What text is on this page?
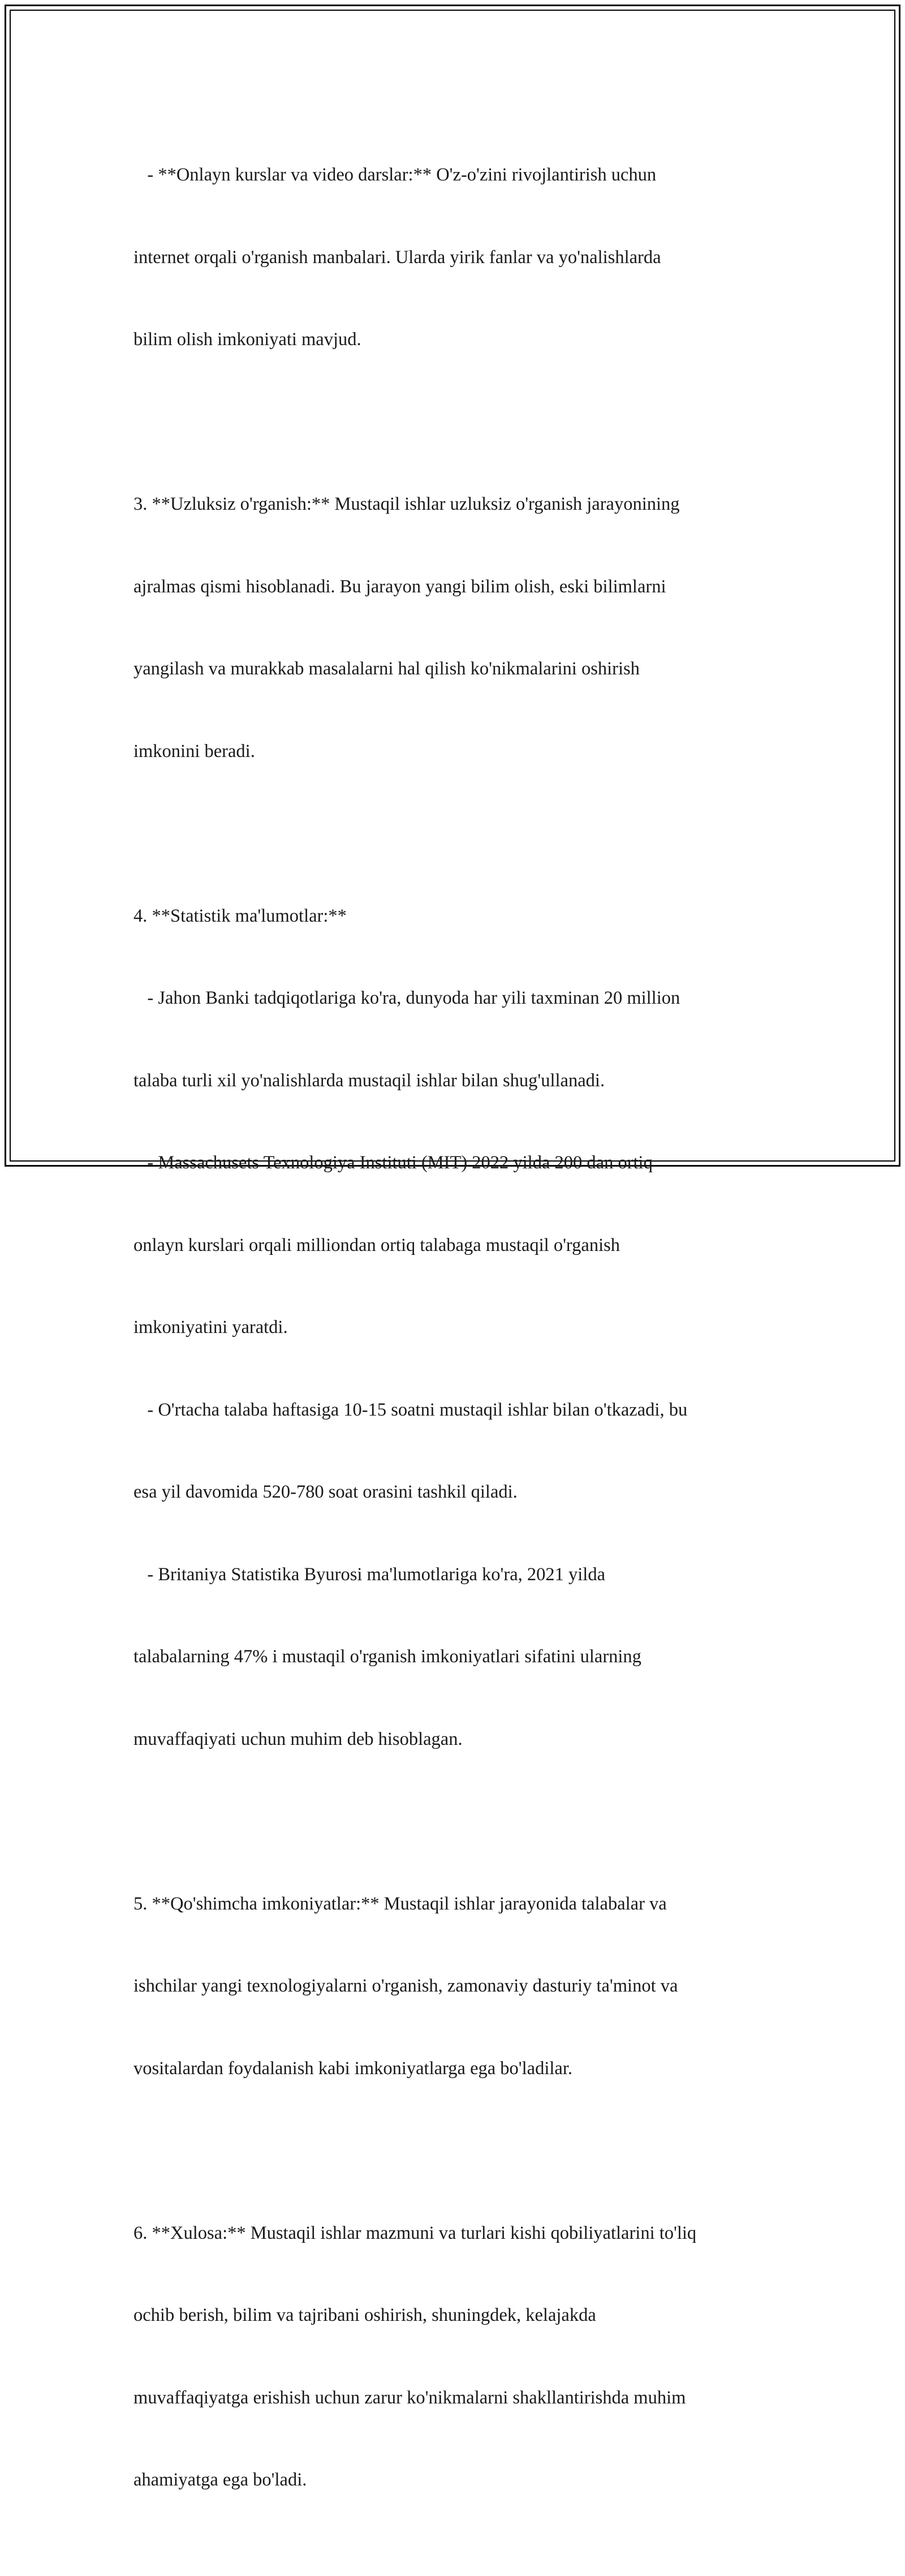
- **Onlayn kurslar va video darslar:** O'z-o'zini rivojlantirish uchun

internet orqali o'rganish manbalari. Ularda yirik fanlar va yo'nalishlarda

bilim olish imkoniyati mavjud.

3. **Uzluksiz o'rganish:** Mustaqil ishlar uzluksiz o'rganish jarayonining

ajralmas qismi hisoblanadi. Bu jarayon yangi bilim olish, eski bilimlarni

yangilash va murakkab masalalarni hal qilish ko'nikmalarini oshirish

imkonini beradi.

4. **Statistik ma'lumotlar:**

- Jahon Banki tadqiqotlariga ko'ra, dunyoda har yili taxminan 20 million

talaba turli xil yo'nalishlarda mustaqil ishlar bilan shug'ullanadi.

- Massachusets Texnologiya Instituti (MIT) 2022 yilda 200 dan ortiq

onlayn kurslari orqali milliondan ortiq talabaga mustaqil o'rganish

imkoniyatini yaratdi.

- O'rtacha talaba haftasiga 10-15 soatni mustaqil ishlar bilan o'tkazadi, bu

esa yil davomida 520-780 soat orasini tashkil qiladi.

- Britaniya Statistika Byurosi ma'lumotlariga ko'ra, 2021 yilda

talabalarning 47% i mustaqil o'rganish imkoniyatlari sifatini ularning

muvaffaqiyati uchun muhim deb hisoblagan.

5. **Qo'shimcha imkoniyatlar:** Mustaqil ishlar jarayonida talabalar va

ishchilar yangi texnologiyalarni o'rganish, zamonaviy dasturiy ta'minot va

vositalardan foydalanish kabi imkoniyatlarga ega bo'ladilar.

6. **Xulosa:** Mustaqil ishlar mazmuni va turlari kishi qobiliyatlarini to'liq

ochib berish, bilim va tajribani oshirish, shuningdek, kelajakda

muvaffaqiyatga erishish uchun zarur ko'nikmalarni shakllantirishda muhim

ahamiyatga ega bo'ladi.
